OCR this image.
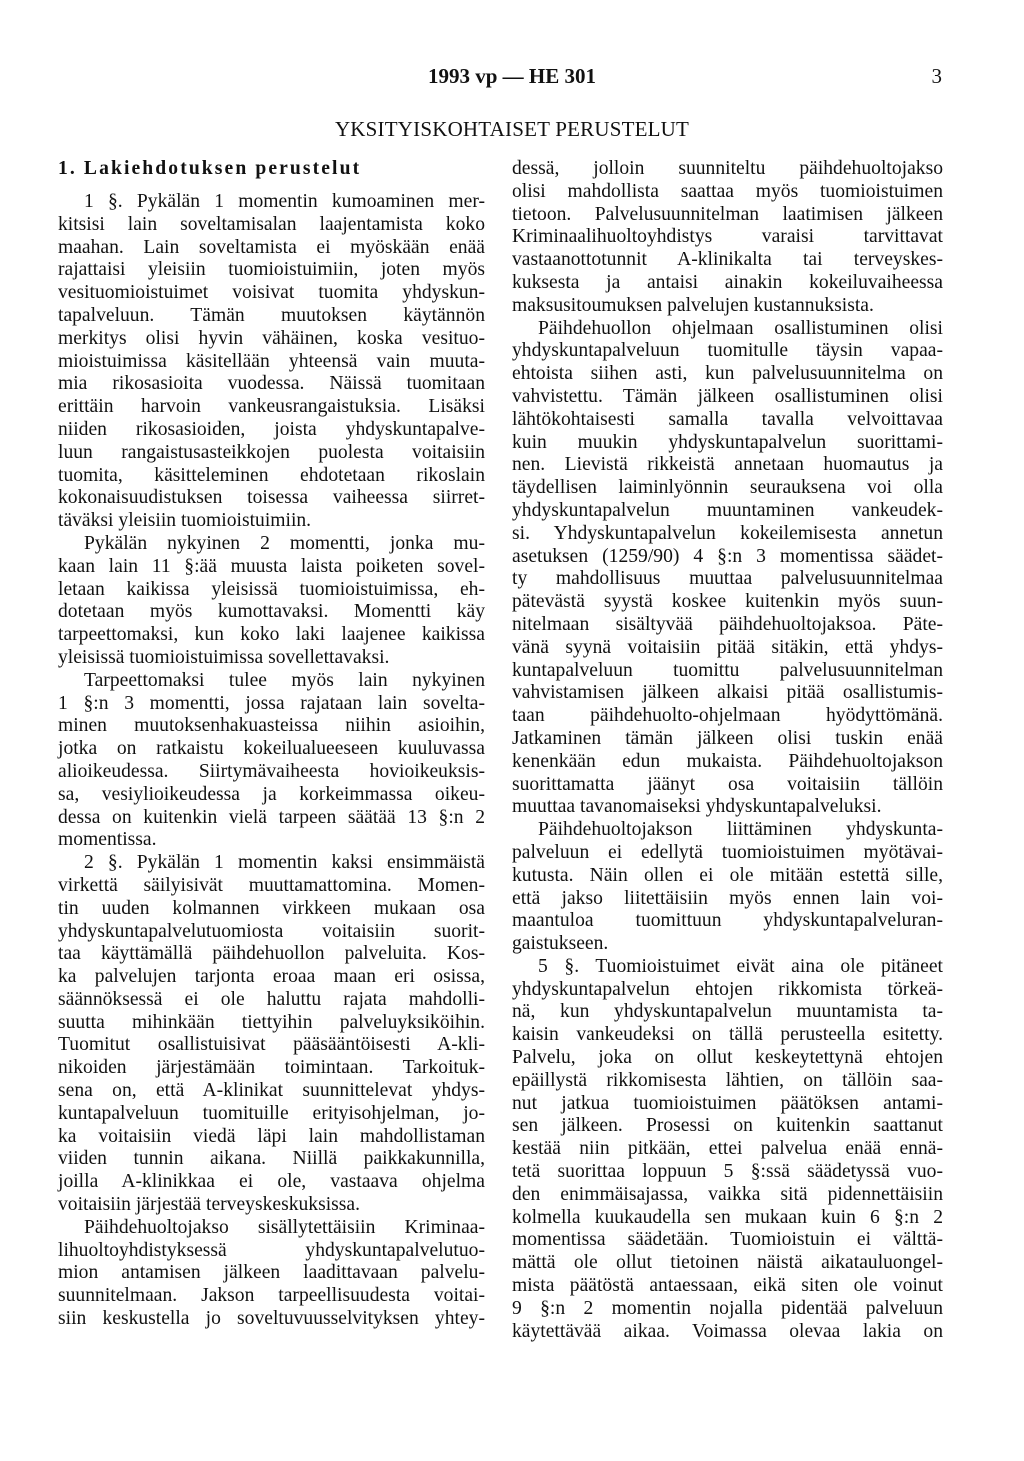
1993 vp — HE 301	3
YKSITYISKOHTAISET PERUSTELUT
1. Lakiehdotuksen perustelut
1 §. Pykälän 1 momentin kumoaminen mer-
kitsisi lain soveltamisalan laajentamista koko
maahan. Lain soveltamista ei myöskään enää
rajattaisi yleisiin tuomioistuimiin, joten myös
vesituomioistuimet voisivat tuomita yhdyskun-
tapalveluun. Tämän muutoksen käytännön
merkitys olisi hyvin vähäinen, koska vesituo-
mioistuimissa käsitellään yhteensä vain muuta-
mia rikosasioita vuodessa. Näissä tuomitaan
erittäin harvoin vankeusrangaistuksia. Lisäksi
niiden rikosasioiden, joista yhdyskuntapalve-
luun rangaistusasteikkojen puolesta voitaisiin
tuomita, käsitteleminen ehdotetaan rikoslain
kokonaisuudistuksen toisessa vaiheessa siirret-
täväksi yleisiin tuomioistuimiin.
Pykälän nykyinen 2 momentti, jonka mu-
kaan lain 11 §:ää muusta laista poiketen sovel-
letaan kaikissa yleisissä tuomioistuimissa, eh-
dotetaan myös kumottavaksi. Momentti käy
tarpeettomaksi, kun koko laki laajenee kaikissa
yleisissä tuomioistuimissa sovellettavaksi.
Tarpeettomaksi tulee myös lain nykyinen
1 §:n 3 momentti, jossa rajataan lain sovelta-
minen muutoksenhakuasteissa niihin asioihin,
jotka on ratkaistu kokeilualueeseen kuuluvassa
alioikeudessa. Siirtymävaiheesta hovioikeuksis-
sa, vesiylioikeudessa ja korkeimmassa oikeu-
dessa on kuitenkin vielä tarpeen säätää 13 §:n 2
momentissa.
2 §. Pykälän 1 momentin kaksi ensimmäistä
virkettä säilyisivät muuttamattomina. Momen-
tin uuden kolmannen virkkeen mukaan osa
yhdyskuntapalvelutuomiosta voitaisiin suorit-
taa käyttämällä päihdehuollon palveluita. Kos-
ka palvelujen tarjonta eroaa maan eri osissa,
säännöksessä ei ole haluttu rajata mahdolli-
suutta mihinkään tiettyihin palveluyksiköihin.
Tuomitut osallistuisivat pääsääntöisesti A-kli-
nikoiden järjestämään toimintaan. Tarkoituk-
sena on, että A-klinikat suunnittelevat yhdys-
kuntapalveluun tuomituille erityisohjelman, jo-
ka voitaisiin viedä läpi lain mahdollistaman
viiden tunnin aikana. Niillä paikkakunnilla,
joilla A-klinikkaa ei ole, vastaava ohjelma
voitaisiin järjestää terveyskeskuksissa.
Päihdehuoltojakso sisällytettäisiin Kriminaa-
lihuoltoyhdistyksessä yhdyskuntapalvelutuo-
mion antamisen jälkeen laadittavaan palvelu-
suunnitelmaan. Jakson tarpeellisuudesta voitai-
siin keskustella jo soveltuvuusselvityksen yhtey-
dessä, jolloin suunniteltu päihdehuoltojakso
olisi mahdollista saattaa myös tuomioistuimen
tietoon. Palvelusuunnitelman laatimisen jälkeen
Kriminaalihuoltoyhdistys varaisi tarvittavat
vastaanottotunnit A-klinikalta tai terveyskes-
kuksesta ja antaisi ainakin kokeiluvaiheessa
maksusitoumuksen palvelujen kustannuksista.
Päihdehuollon ohjelmaan osallistuminen olisi
yhdyskuntapalveluun tuomitulle täysin vapaa-
ehtoista siihen asti, kun palvelusuunnitelma on
vahvistettu. Tämän jälkeen osallistuminen olisi
lähtökohtaisesti samalla tavalla velvoittavaa
kuin muukin yhdyskuntapalvelun suorittami-
nen. Lievistä rikkeistä annetaan huomautus ja
täydellisen laiminlyönnin seurauksena voi olla
yhdyskuntapalvelun muuntaminen vankeudek-
si. Yhdyskuntapalvelun kokeilemisesta annetun
asetuksen (1259/90) 4 §:n 3 momentissa säädet-
ty mahdollisuus muuttaa palvelusuunnitelmaa
pätevästä syystä koskee kuitenkin myös suun-
nitelmaan sisältyvää päihdehuoltojaksoa. Päte-
vänä syynä voitaisiin pitää sitäkin, että yhdys-
kuntapalveluun tuomittu palvelusuunnitelman
vahvistamisen jälkeen alkaisi pitää osallistumis-
taan päihdehuolto-ohjelmaan hyödyttömänä.
Jatkaminen tämän jälkeen olisi tuskin enää
kenenkään edun mukaista. Päihdehuoltojakson
suorittamatta jäänyt osa voitaisiin tällöin
muuttaa tavanomaiseksi yhdyskuntapalveluksi.
Päihdehuoltojakson liittäminen yhdyskunta-
palveluun ei edellytä tuomioistuimen myötävai-
kutusta. Näin ollen ei ole mitään estettä sille,
että jakso liitettäisiin myös ennen lain voi-
maantuloa tuomittuun yhdyskuntapalveluran-
gaistukseen.
5 §. Tuomioistuimet eivät aina ole pitäneet
yhdyskuntapalvelun ehtojen rikkomista törkeä-
nä, kun yhdyskuntapalvelun muuntamista ta-
kaisin vankeudeksi on tällä perusteella esitetty.
Palvelu, joka on ollut keskeytettynä ehtojen
epäillystä rikkomisesta lähtien, on tällöin saa-
nut jatkua tuomioistuimen päätöksen antami-
sen jälkeen. Prosessi on kuitenkin saattanut
kestää niin pitkään, ettei palvelua enää ennä-
tetä suorittaa loppuun 5 §:ssä säädetyssä vuo-
den enimmäisajassa, vaikka sitä pidennettäisiin
kolmella kuukaudella sen mukaan kuin 6 §:n 2
momentissa säädetään. Tuomioistuin ei välttä-
mättä ole ollut tietoinen näistä aikatauluongel-
mista päätöstä antaessaan, eikä siten ole voinut
9 §:n 2 momentin nojalla pidentää palveluun
käytettävää aikaa. Voimassa olevaa lakia on
